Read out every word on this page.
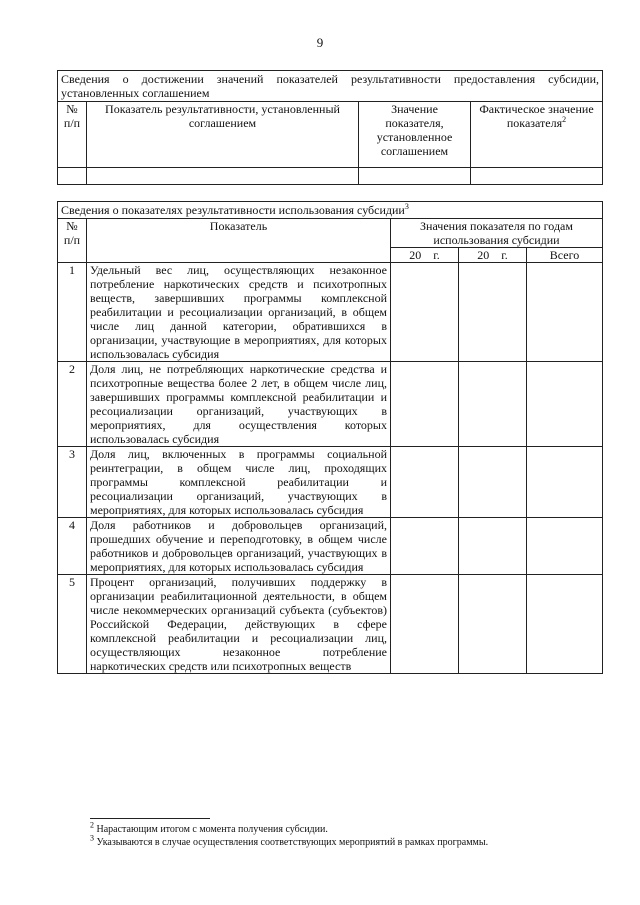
9
Сведения о достижении значений показателей результативности предоставления субсидии, установленных соглашением			
№ п/п	Показатель результативности, установленный соглашением	Значение показателя, установленное соглашением	Фактическое значение показателя$^2$

Сведения о показателях результативности использования субсидии$^3$
№ п/п	Показатель	Значения показателя по годам использования субсидии		

		20 г.	20 г.	Всего
1	Удельный вес лиц, осуществляющих незаконное потребление наркотических средств и психотропных веществ, завершивших программы комплексной реабилитации и ресоциализации организаций, в общем числе лиц данной категории, обратившихся в организации, участвующие в мероприятиях, для которых использовалась субсидия			
2	Доля лиц, не потребляющих наркотические средства и психотропные вещества более 2 лет, в общем числе лиц, завершивших программы комплексной реабилитации и ресоциализации организаций, участвующих в мероприятиях, для осуществления которых использовалась субсидия			
3	Доля лиц, включенных в программы социальной реинтеграции, в общем числе лиц, проходящих программы комплексной реабилитации и ресоциализации организаций, участвующих в мероприятиях, для которых использовалась субсидия			
4	Доля работников и добровольцев организаций, прошедших обучение и переподготовку, в общем числе работников и добровольцев организаций, участвующих в мероприятиях, для которых использовалась субсидия			
5	Процент организаций, получивших поддержку в организации реабилитационной деятельности, в общем числе некоммерческих организаций субъекта (субъектов) Российской Федерации, действующих в сфере комплексной реабилитации и ресоциализации лиц, осуществляющих незаконное потребление наркотических средств или психотропных веществ			
$^2$ Нарастающим итогом с момента получения субсидии.
$^3$ Указываются в случае осуществления соответствующих мероприятий в рамках программы.
